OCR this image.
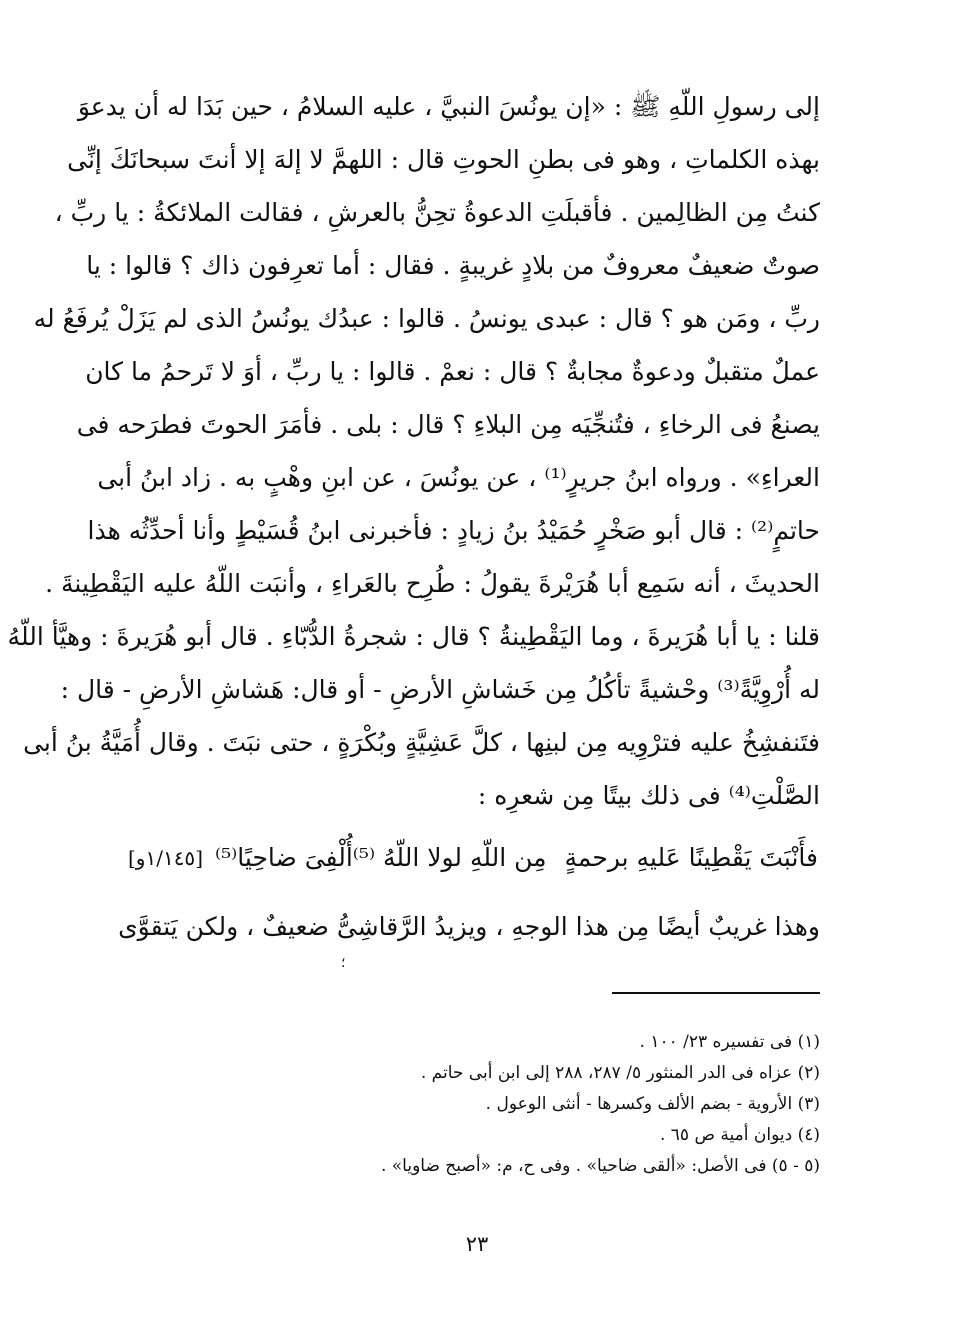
إلى رسولِ اللّهِ ﷺ : «إن يونُسَ النبيَّ ، عليه السلامُ ، حين بَدَا له أن يدعوَ
بهذه الكلماتِ ، وهو فى بطنِ الحوتِ قال : اللهمَّ لا إلهَ إلا أنتَ سبحانَكَ إنِّى
كنتُ مِن الظالِمين . فأقبلَتِ الدعوةُ تحِنُّ بالعرشِ ، فقالت الملائكةُ : يا ربِّ ،
صوتٌ ضعيفٌ معروفٌ من بلادٍ غريبةٍ . فقال : أما تعرِفون ذاك ؟ قالوا : يا
ربِّ ، ومَن هو ؟ قال : عبدى يونسُ . قالوا : عبدُك يونُسُ الذى لم يَزَلْ يُرفَعُ له
عملٌ متقبلٌ ودعوةٌ مجابةٌ ؟ قال : نعمْ . قالوا : يا ربِّ ، أوَ لا تَرحمُ ما كان
يصنعُ فى الرخاءِ ، فتُنجِّيَه مِن البلاءِ ؟ قال : بلى . فأمَرَ الحوتَ فطرَحه فى
العراءِ» . ورواه ابنُ جريرٍ⁽¹⁾ ، عن يونُسَ ، عن ابنِ وهْبٍ به . زاد ابنُ أبى
حاتمٍ⁽²⁾ : قال أبو صَخْرٍ حُمَيْدُ بنُ زيادٍ : فأخبرنى ابنُ قُسَيْطٍ وأنا أحدِّثُه هذا
الحديثَ ، أنه سَمِع أبا هُرَيْرةَ يقولُ : طُرِح بالعَراءِ ، وأنبَت اللّهُ عليه اليَقْطِينةَ .
قلنا : يا أبا هُرَيرةَ ، وما اليَقْطِينةُ ؟ قال : شجرةُ الدُّبّاءِ . قال أبو هُرَيرةَ : وهيَّأ اللّهُ
له أُرْوِيَّةً⁽³⁾ وحْشيةً تأكُلُ مِن خَشاشِ الأرضِ - أو قال: هَشاشِ الأرضِ - قال :
فتَنفشِخُ عليه فترْوِيه مِن لبنِها ، كلَّ عَشِيَّةٍ وبُكْرَةٍ ، حتى نبَتَ . وقال أُمَيَّةُ بنُ أبى
الصَّلْتِ⁽⁴⁾ فى ذلك بيتًا مِن شعرِه :
فأَنْبَتَ يَقْطِينًا عَليهِ برحمةٍ
مِن اللّهِ لولا اللّهُ ⁽⁵⁾أُلْفِىَ ضاحِيًا⁽⁵⁾
[١/١٤٥و]
وهذا غريبٌ أيضًا مِن هذا الوجهِ ، ويزيدُ الرَّقاشِىُّ ضعيفٌ ، ولكن يَتقوَّى
؛
(١) فى تفسيره ٢٣/ ١٠٠ .
(٢) عزاه فى الدر المنثور ٥/ ٢٨٧، ٢٨٨ إلى ابن أبى حاتم .
(٣) الأروية - بضم الألف وكسرها - أنثى الوعول .
(٤) ديوان أمية ص ٦٥ .
(٥ - ٥) فى الأصل: «ألقى ضاحيا» . وفى ح، م: «أصبح ضاويا» .
٢٣
